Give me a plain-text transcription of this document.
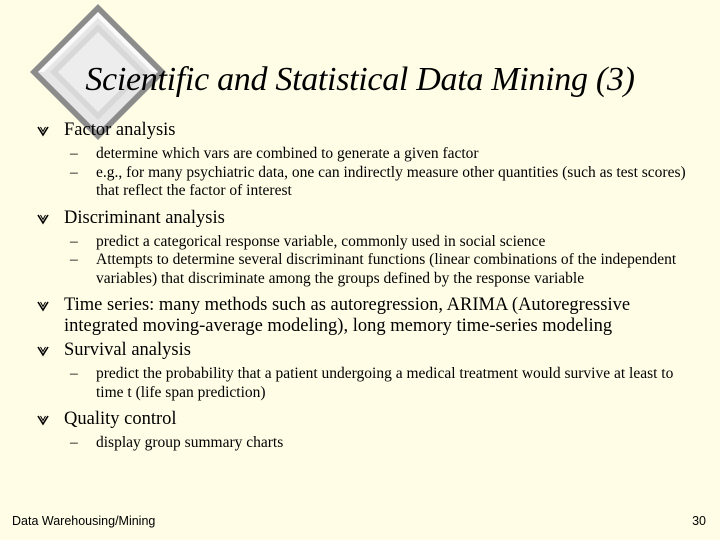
Scientific and Statistical Data Mining (3)
Factor analysis
– determine which vars are combined to generate a given factor
– e.g., for many psychiatric data, one can indirectly measure other quantities (such as test scores) that reflect the factor of interest
Discriminant analysis
– predict a categorical response variable, commonly used in social science
– Attempts to determine several discriminant functions (linear combinations of the independent variables) that discriminate among the groups defined by the response variable
Time series: many methods such as autoregression, ARIMA (Autoregressive integrated moving-average modeling), long memory time-series modeling
Survival analysis
– predict the probability that a patient undergoing a medical treatment would survive at least to time t (life span prediction)
Quality control
– display group summary charts
Data Warehousing/Mining	30
